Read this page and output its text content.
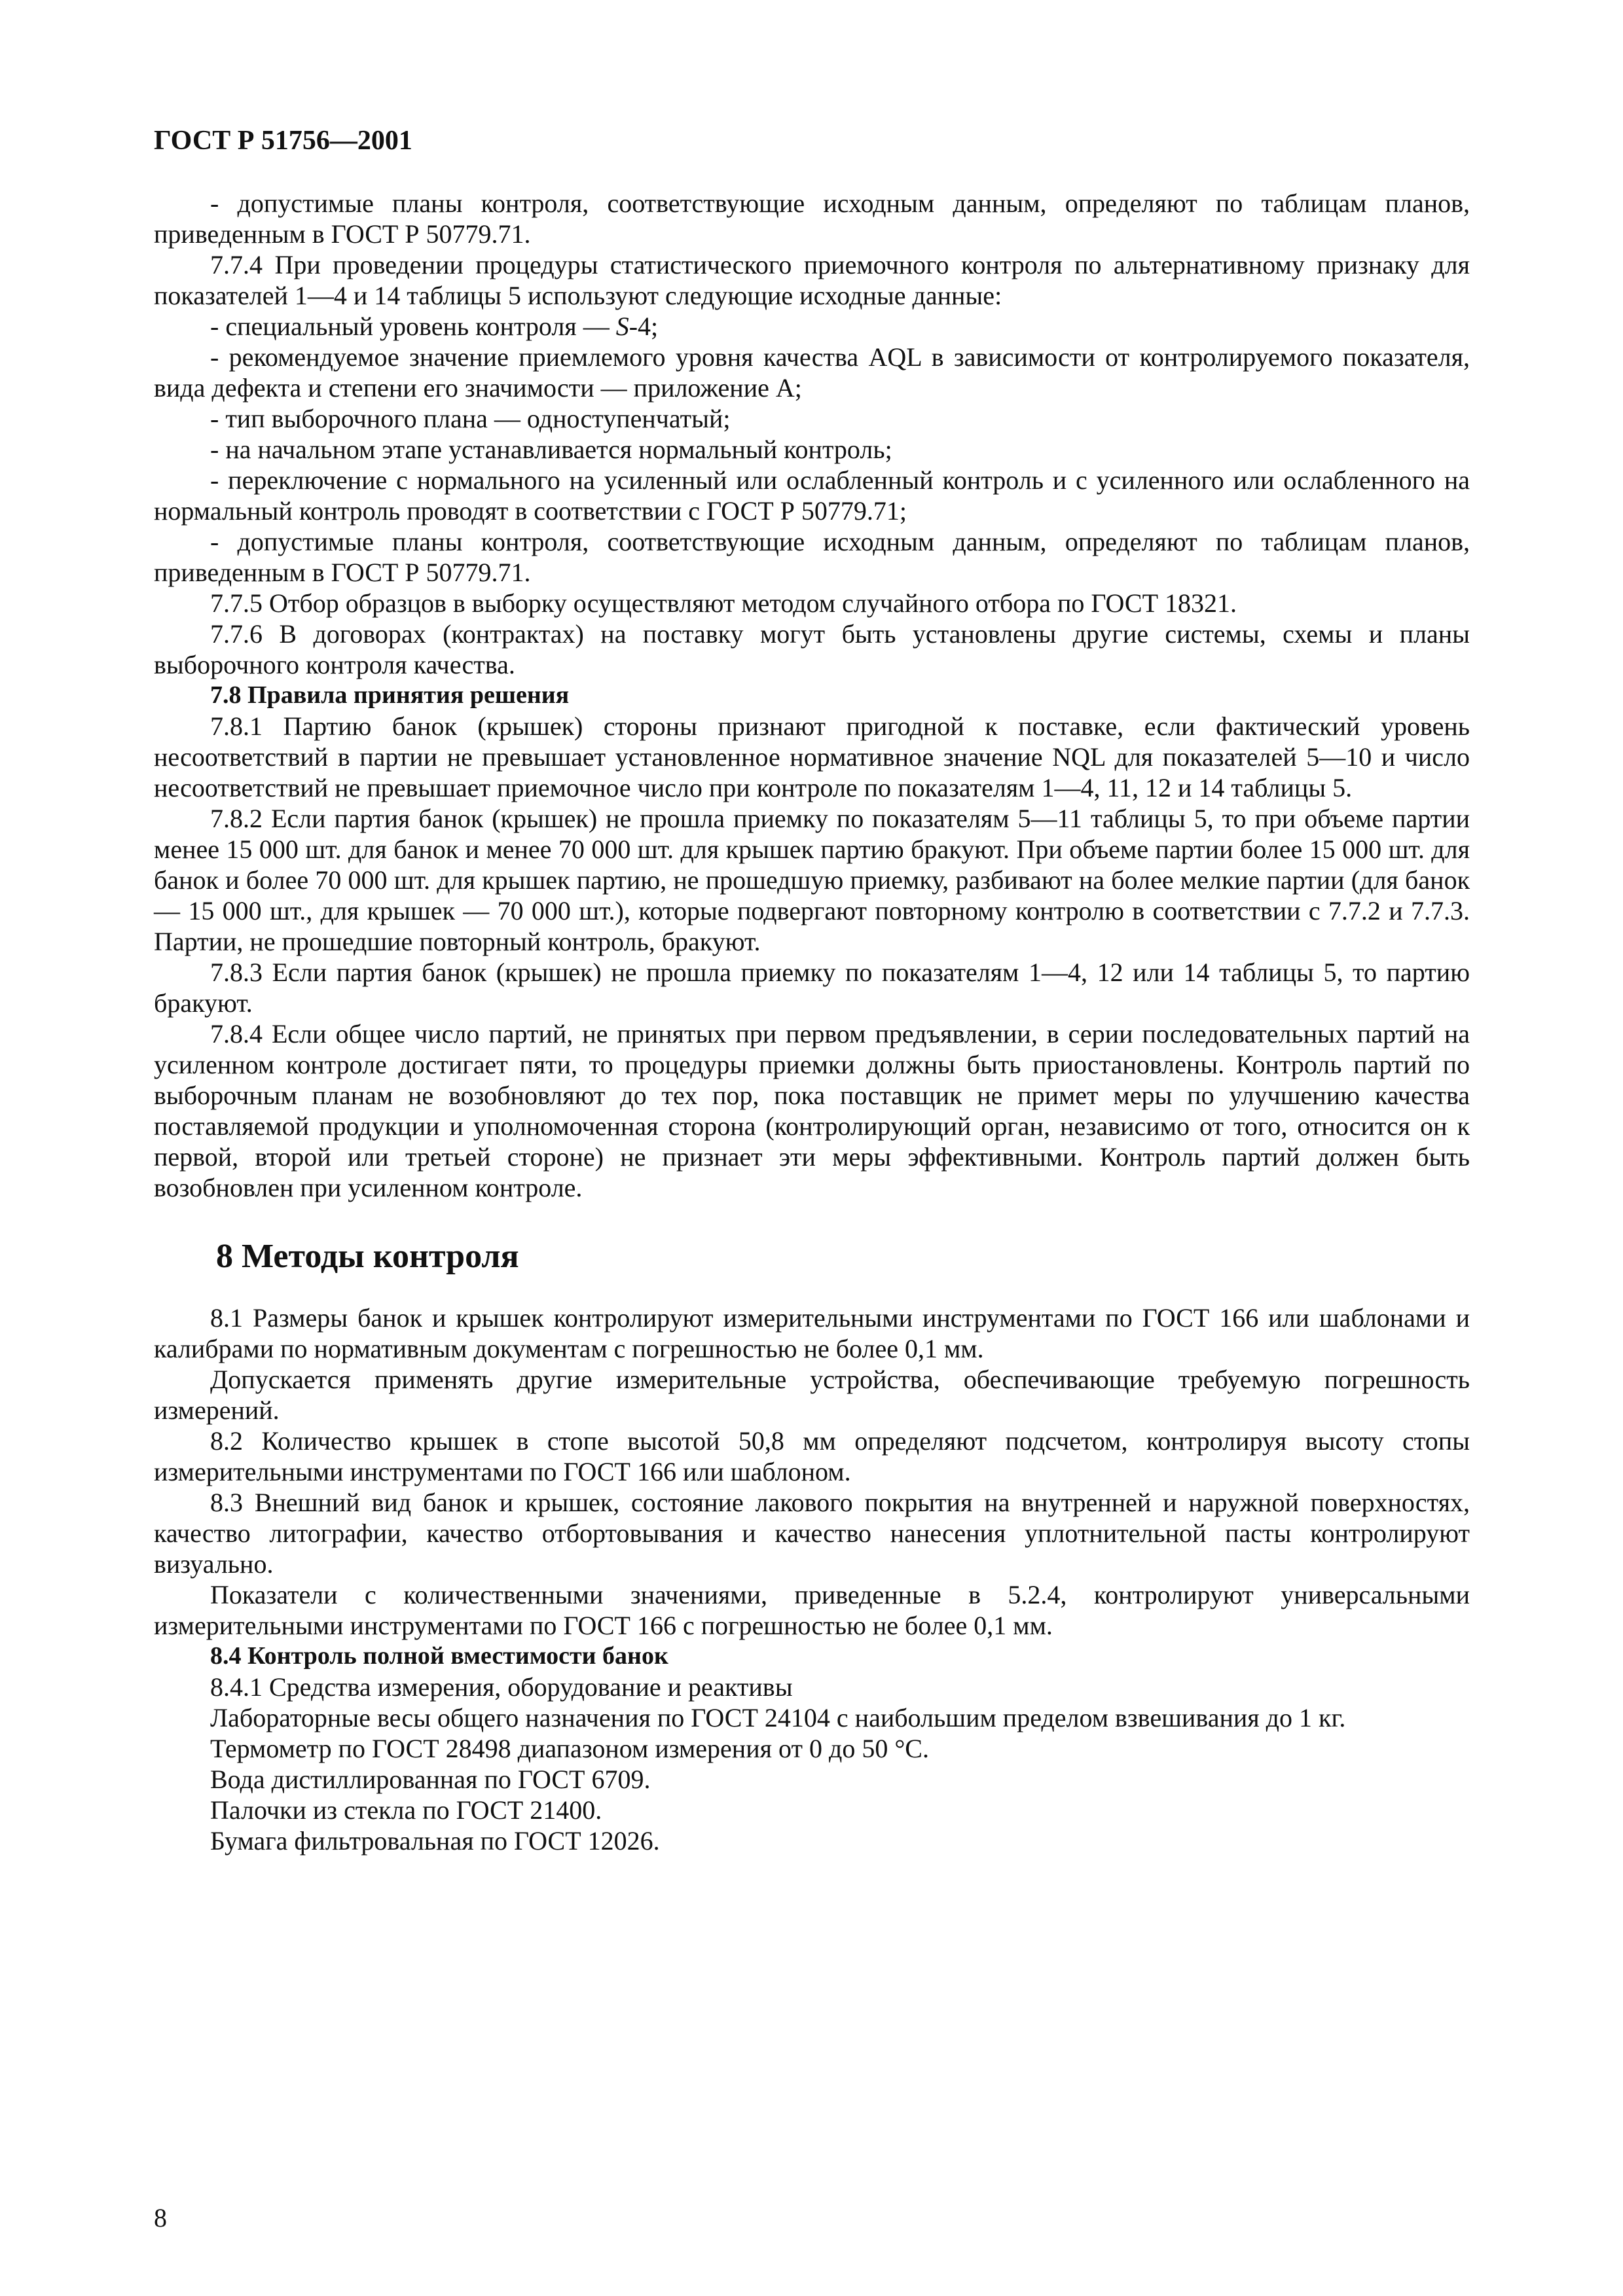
ГОСТ Р 51756—2001

- допустимые планы контроля, соответствующие исходным данным, определяют по таблицам планов, приведенным в ГОСТ Р 50779.71.

7.7.4 При проведении процедуры статистического приемочного контроля по альтернативному признаку для показателей 1—4 и 14 таблицы 5 используют следующие исходные данные:

- специальный уровень контроля — S-4;

- рекомендуемое значение приемлемого уровня качества AQL в зависимости от контролируемого показателя, вида дефекта и степени его значимости — приложение А;

- тип выборочного плана — одноступенчатый;

- на начальном этапе устанавливается нормальный контроль;

- переключение с нормального на усиленный или ослабленный контроль и с усиленного или ослабленного на нормальный контроль проводят в соответствии с ГОСТ Р 50779.71;

- допустимые планы контроля, соответствующие исходным данным, определяют по таблицам планов, приведенным в ГОСТ Р 50779.71.

7.7.5 Отбор образцов в выборку осуществляют методом случайного отбора по ГОСТ 18321.

7.7.6 В договорах (контрактах) на поставку могут быть установлены другие системы, схемы и планы выборочного контроля качества.

7.8 Правила принятия решения

7.8.1 Партию банок (крышек) стороны признают пригодной к поставке, если фактический уровень несоответствий в партии не превышает установленное нормативное значение NQL для показателей 5—10 и число несоответствий не превышает приемочное число при контроле по показателям 1—4, 11, 12 и 14 таблицы 5.

7.8.2 Если партия банок (крышек) не прошла приемку по показателям 5—11 таблицы 5, то при объеме партии менее 15 000 шт. для банок и менее 70 000 шт. для крышек партию бракуют. При объеме партии более 15 000 шт. для банок и более 70 000 шт. для крышек партию, не прошедшую приемку, разбивают на более мелкие партии (для банок — 15 000 шт., для крышек — 70 000 шт.), которые подвергают повторному контролю в соответствии с 7.7.2 и 7.7.3. Партии, не прошедшие повторный контроль, бракуют.

7.8.3 Если партия банок (крышек) не прошла приемку по показателям 1—4, 12 или 14 таблицы 5, то партию бракуют.

7.8.4 Если общее число партий, не принятых при первом предъявлении, в серии последовательных партий на усиленном контроле достигает пяти, то процедуры приемки должны быть приостановлены. Контроль партий по выборочным планам не возобновляют до тех пор, пока поставщик не примет меры по улучшению качества поставляемой продукции и уполномоченная сторона (контролирующий орган, независимо от того, относится он к первой, второй или третьей стороне) не признает эти меры эффективными. Контроль партий должен быть возобновлен при усиленном контроле.

8 Методы контроля

8.1 Размеры банок и крышек контролируют измерительными инструментами по ГОСТ 166 или шаблонами и калибрами по нормативным документам с погрешностью не более 0,1 мм.

Допускается применять другие измерительные устройства, обеспечивающие требуемую погрешность измерений.

8.2 Количество крышек в стопе высотой 50,8 мм определяют подсчетом, контролируя высоту стопы измерительными инструментами по ГОСТ 166 или шаблоном.

8.3 Внешний вид банок и крышек, состояние лакового покрытия на внутренней и наружной поверхностях, качество литографии, качество отбортовывания и качество нанесения уплотнительной пасты контролируют визуально.

Показатели с количественными значениями, приведенные в 5.2.4, контролируют универсальными измерительными инструментами по ГОСТ 166 с погрешностью не более 0,1 мм.

8.4 Контроль полной вместимости банок

8.4.1 Средства измерения, оборудование и реактивы

Лабораторные весы общего назначения по ГОСТ 24104 с наибольшим пределом взвешивания до 1 кг.

Термометр по ГОСТ 28498 диапазоном измерения от 0 до 50 °С.

Вода дистиллированная по ГОСТ 6709.

Палочки из стекла по ГОСТ 21400.

Бумага фильтровальная по ГОСТ 12026.

8
